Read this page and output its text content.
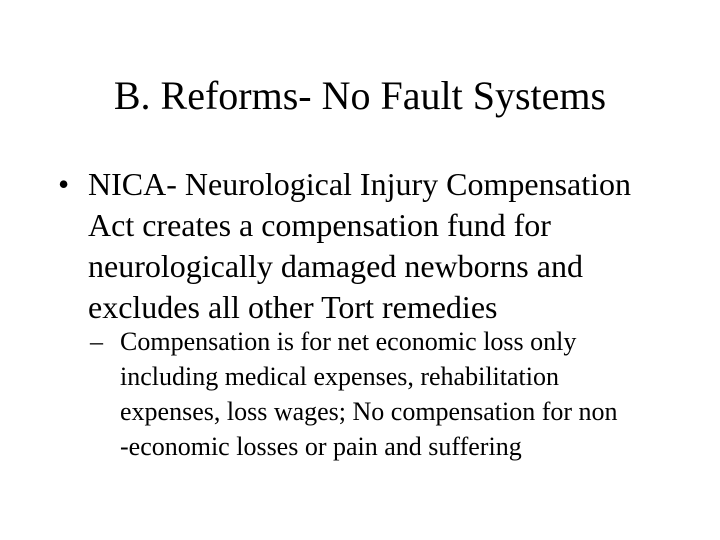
B. Reforms- No Fault Systems
• NICA- Neurological Injury Compensation
Act creates a compensation fund for
neurologically damaged newborns and
excludes all other Tort remedies
– Compensation is for net economic loss only
including medical expenses, rehabilitation
expenses, loss wages; No compensation for non
-economic losses or pain and suffering
